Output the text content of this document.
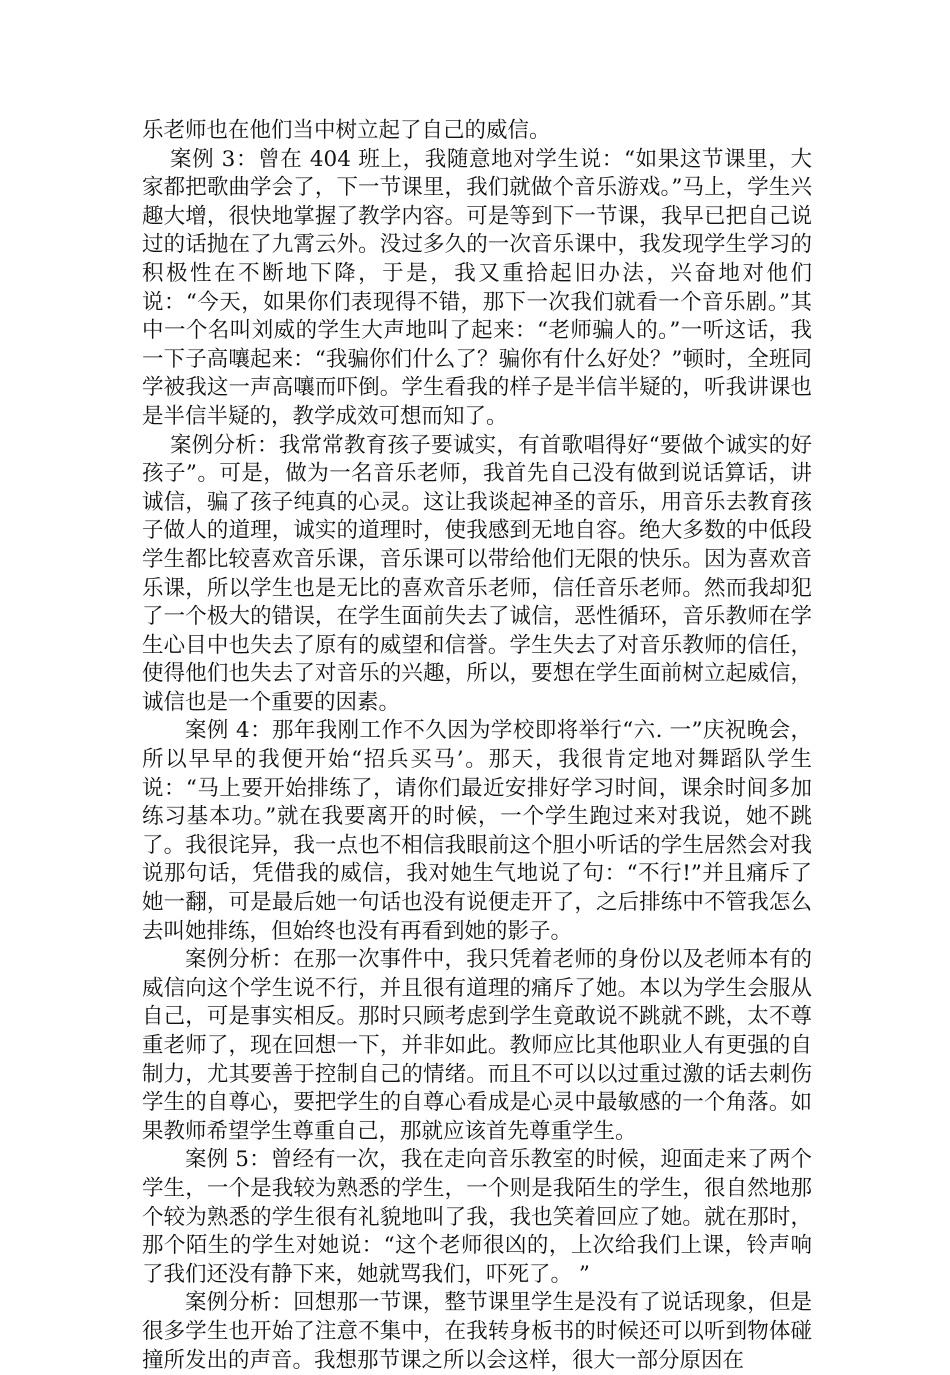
乐老师也在他们当中树立起了自己的威信。

案例 3：曾在 404 班上，我随意地对学生说：“如果这节课里，大家都把歌曲学会了，下一节课里，我们就做个音乐游戏。”马上，学生兴趣大增，很快地掌握了教学内容。可是等到下一节课，我早已把自己说过的话抛在了九霄云外。没过多久的一次音乐课中，我发现学生学习的积极性在不断地下降，于是，我又重拾起旧办法，兴奋地对他们说：“今天，如果你们表现得不错，那下一次我们就看一个音乐剧。”其中一个名叫刘威的学生大声地叫了起来：“老师骗人的。”一听这话，我一下子高嚷起来：“我骗你们什么了？骗你有什么好处？”顿时，全班同学被我这一声高嚷而吓倒。学生看我的样子是半信半疑的，听我讲课也是半信半疑的，教学成效可想而知了。

案例分析：我常常教育孩子要诚实，有首歌唱得好“要做个诚实的好孩子”。可是，做为一名音乐老师，我首先自己没有做到说话算话，讲诚信，骗了孩子纯真的心灵。这让我谈起神圣的音乐，用音乐去教育孩子做人的道理，诚实的道理时，使我感到无地自容。绝大多数的中低段学生都比较喜欢音乐课，音乐课可以带给他们无限的快乐。因为喜欢音乐课，所以学生也是无比的喜欢音乐老师，信任音乐老师。然而我却犯了一个极大的错误，在学生面前失去了诚信，恶性循环，音乐教师在学生心目中也失去了原有的威望和信誉。学生失去了对音乐教师的信任，使得他们也失去了对音乐的兴趣，所以，要想在学生面前树立起威信，诚信也是一个重要的因素。

案例 4：那年我刚工作不久因为学校即将举行“六. 一”庆祝晚会，所以早早的我便开始“招兵买马’。那天，我很肯定地对舞蹈队学生说：“马上要开始排练了，请你们最近安排好学习时间，课余时间多加练习基本功。”就在我要离开的时候，一个学生跑过来对我说，她不跳了。我很诧异，我一点也不相信我眼前这个胆小听话的学生居然会对我说那句话，凭借我的威信，我对她生气地说了句：“不行!”并且痛斥了她一翻，可是最后她一句话也没有说便走开了，之后排练中不管我怎么去叫她排练，但始终也没有再看到她的影子。

案例分析：在那一次事件中，我只凭着老师的身份以及老师本有的威信向这个学生说不行，并且很有道理的痛斥了她。本以为学生会服从自己，可是事实相反。那时只顾考虑到学生竟敢说不跳就不跳，太不尊重老师了，现在回想一下，并非如此。教师应比其他职业人有更强的自制力，尤其要善于控制自己的情绪。而且不可以以过重过激的话去刺伤学生的自尊心，要把学生的自尊心看成是心灵中最敏感的一个角落。如果教师希望学生尊重自己，那就应该首先尊重学生。

案例 5：曾经有一次，我在走向音乐教室的时候，迎面走来了两个学生，一个是我较为熟悉的学生，一个则是我陌生的学生，很自然地那个较为熟悉的学生很有礼貌地叫了我，我也笑着回应了她。就在那时，那个陌生的学生对她说：“这个老师很凶的，上次给我们上课，铃声响了我们还没有静下来，她就骂我们，吓死了。 ”

案例分析：回想那一节课，整节课里学生是没有了说话现象，但是很多学生也开始了注意不集中，在我转身板书的时候还可以听到物体碰撞所发出的声音。我想那节课之所以会这样，很大一部分原因在
